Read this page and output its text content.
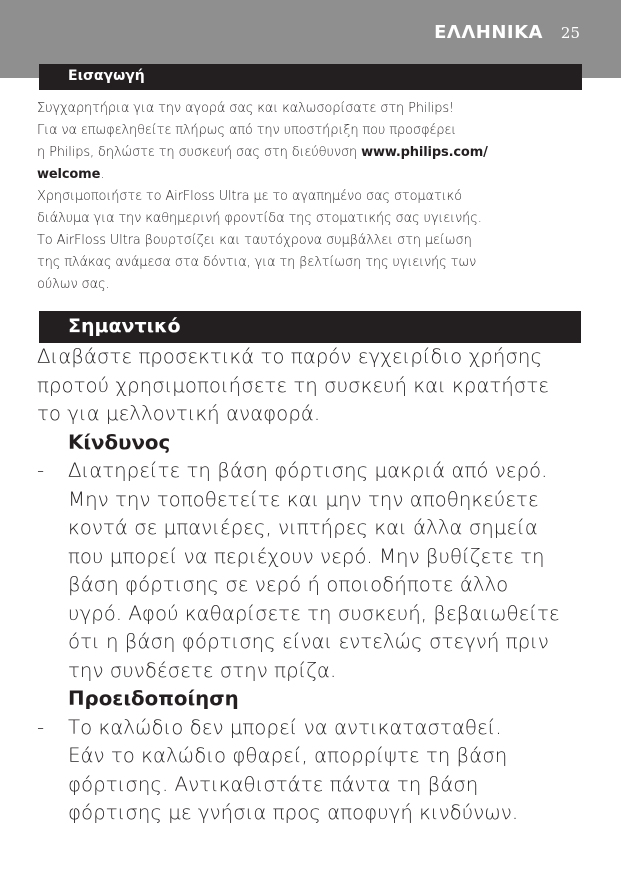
ΕΛΛΗΝΙΚΑ 25
Εισαγωγή

Συγχαρητήρια για την αγορά σας και καλωσορίσατε στη Philips!

Για να επωφεληθείτε πλήρως από την υποστήριξη που προσφέρει

η Philips, δηλώστε τη συσκευή σας στη διεύθυνση www.philips.com/

welcome.

Χρησιμοποιήστε το AirFloss Ultra με το αγαπημένο σας στοματικό

διάλυμα για την καθημερινή φροντίδα της στοματικής σας υγιεινής.

Το AirFloss Ultra βουρτσίζει και ταυτόχρονα συμβάλλει στη μείωση

της πλάκας ανάμεσα στα δόντια, για τη βελτίωση της υγιεινής των

ούλων σας.

Σημαντικό

Διαβάστε προσεκτικά το παρόν εγχειρίδιο χρήσης

προτού χρησιμοποιήσετε τη συσκευή και κρατήστε

το για μελλοντική αναφορά.

Κίνδυνος

-	Διατηρείτε τη βάση φόρτισης μακριά από νερό.

Μην την τοποθετείτε και μην την αποθηκεύετε

κοντά σε μπανιέρες, νιπτήρες και άλλα σημεία

που μπορεί να περιέχουν νερό. Μην βυθίζετε τη

βάση φόρτισης σε νερό ή οποιοδήποτε άλλο

υγρό. Αφού καθαρίσετε τη συσκευή, βεβαιωθείτε

ότι η βάση φόρτισης είναι εντελώς στεγνή πριν

την συνδέσετε στην πρίζα.

Προειδοποίηση

-	Το καλώδιο δεν μπορεί να αντικατασταθεί.

Εάν το καλώδιο φθαρεί, απορρίψτε τη βάση

φόρτισης. Αντικαθιστάτε πάντα τη βάση

φόρτισης με γνήσια προς αποφυγή κινδύνων.
